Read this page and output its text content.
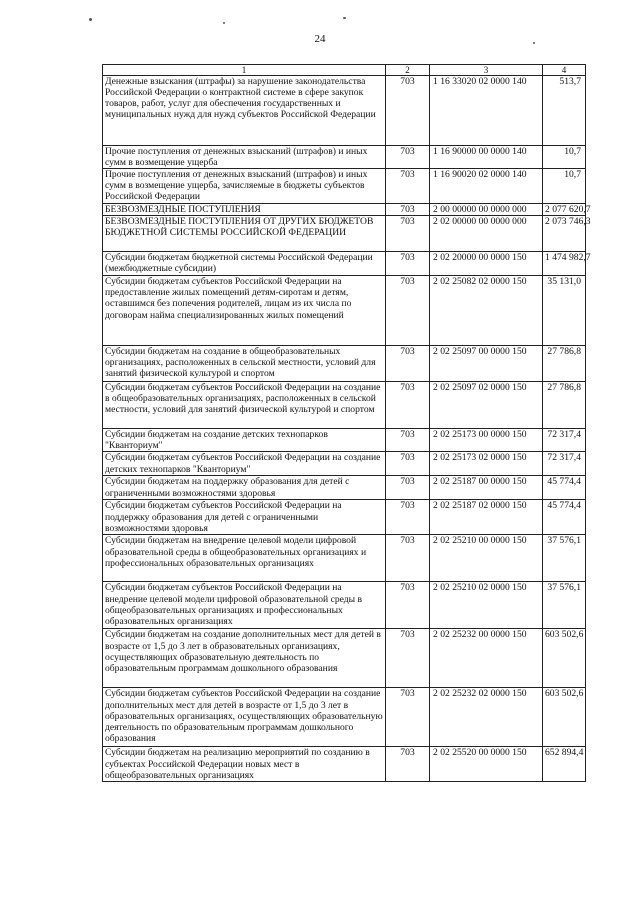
24
1	2	3	4
Денежные взыскания (штрафы) за нарушение законодательства Российской Федерации о контрактной системе в сфере закупок товаров, работ, услуг для обеспечения государственных и муниципальных нужд для нужд субъектов Российской Федерации	703	1 16 33020 02 0000 140	513,7
Прочие поступления от денежных взысканий (штрафов) и иных сумм в возмещение ущерба	703	1 16 90000 00 0000 140	10,7
Прочие поступления от денежных взысканий (штрафов) и иных сумм в возмещение ущерба, зачисляемые в бюджеты субъектов Российской Федерации	703	1 16 90020 02 0000 140	10,7
БЕЗВОЗМЕЗДНЫЕ ПОСТУПЛЕНИЯ	703	2 00 00000 00 0000 000	2 077 620,7
БЕЗВОЗМЕЗДНЫЕ ПОСТУПЛЕНИЯ ОТ ДРУГИХ БЮДЖЕТОВ БЮДЖЕТНОЙ СИСТЕМЫ РОССИЙСКОЙ ФЕДЕРАЦИИ	703	2 02 00000 00 0000 000	2 073 746,3
Субсидии бюджетам бюджетной системы Российской Федерации (межбюджетные субсидии)	703	2 02 20000 00 0000 150	1 474 982,7
Субсидии бюджетам субъектов Российской Федерации на предоставление жилых помещений детям-сиротам и детям, оставшимся без попечения родителей, лицам из их числа по договорам найма специализированных жилых помещений	703	2 02 25082 02 0000 150	35 131,0
Субсидии бюджетам на создание в общеобразовательных организациях, расположенных в сельской местности, условий для занятий физической культурой и спортом	703	2 02 25097 00 0000 150	27 786,8
Субсидии бюджетам субъектов Российской Федерации на создание в общеобразовательных организациях, расположенных в сельской местности, условий для занятий физической культурой и спортом	703	2 02 25097 02 0000 150	27 786,8
Субсидии бюджетам на создание детских технопарков "Кванториум"	703	2 02 25173 00 0000 150	72 317,4
Субсидии бюджетам субъектов Российской Федерации на создание детских технопарков "Кванториум"	703	2 02 25173 02 0000 150	72 317,4
Субсидии бюджетам на поддержку образования для детей с ограниченными возможностями здоровья	703	2 02 25187 00 0000 150	45 774,4
Субсидии бюджетам субъектов Российской Федерации на поддержку образования для детей с ограниченными возможностями здоровья	703	2 02 25187 02 0000 150	45 774,4
Субсидии бюджетам на внедрение целевой модели цифровой образовательной среды в общеобразовательных организациях и профессиональных образовательных организациях	703	2 02 25210 00 0000 150	37 576,1
Субсидии бюджетам субъектов Российской Федерации на внедрение целевой модели цифровой образовательной среды в общеобразовательных организациях и профессиональных образовательных организациях	703	2 02 25210 02 0000 150	37 576,1
Субсидии бюджетам на создание дополнительных мест для детей в возрасте от 1,5 до 3 лет в образовательных организациях, осуществляющих образовательную деятельность по образовательным программам дошкольного образования	703	2 02 25232 00 0000 150	603 502,6
Субсидии бюджетам субъектов Российской Федерации на создание дополнительных мест для детей в возрасте от 1,5 до 3 лет в образовательных организациях, осуществляющих образовательную деятельность по образовательным программам дошкольного образования	703	2 02 25232 02 0000 150	603 502,6
Субсидии бюджетам на реализацию мероприятий по созданию в субъектах Российской Федерации новых мест в общеобразовательных организациях	703	2 02 25520 00 0000 150	652 894,4
